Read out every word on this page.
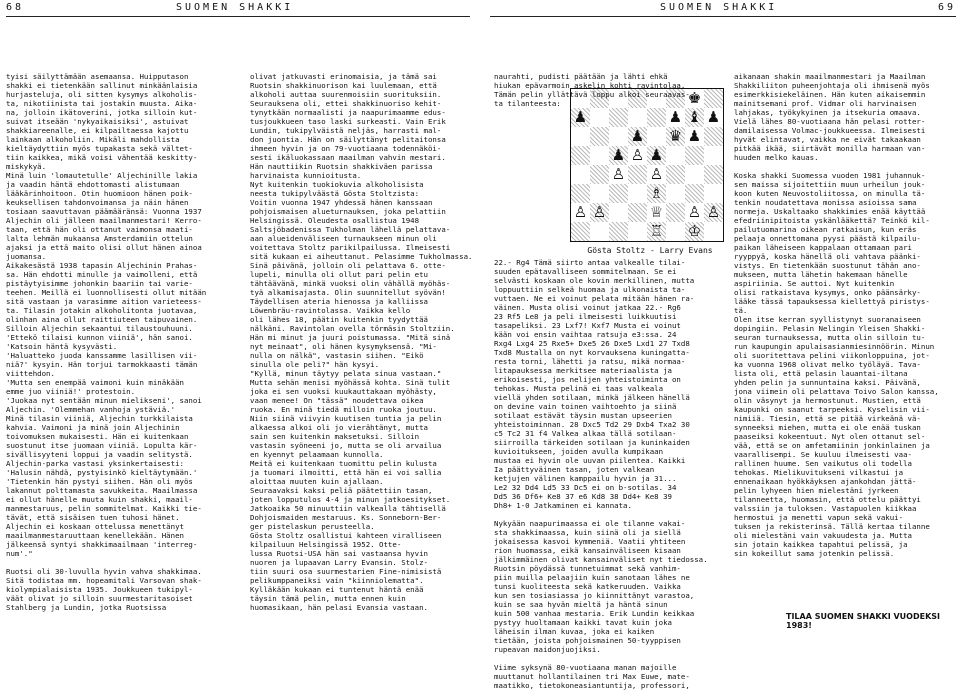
68	SUOMEN SHAKKI	SUOMEN SHAKKI	69

tyisi säilyttämään asemaansa. Huipputason

shakki ei tietenkään sallinut minkäänlaisia

hurjasteluja, oli sitten kysymys alkoholis-

ta, nikotiinista tai jostakin muusta. Aika-

na, jolloin ikätoverini, jotka silloin kut-

suivat itseään 'nykyaikaisiksi', astuivat

shakkiareenalle, ei kilpailtaessa kajottu

lainkaan alkoholiin. Mikäli mahdollista

kieltäydyttiin myös tupakasta sekä vältet-

tiin kaikkea, mikä voisi vähentää keskitty-

miskykyä.

Minä luin 'lomautetulle' Aljechinille lakia

ja vaadin häntä ehdottomasti alistumaan

lääkärinhoitoon. Otin huomioon hänen poik-

keuksellisen tahdonvoimansa ja näin hänen

tosiaan saavuttavan päämääränsä: Vuonna 1937

Aljechin oli jälleen maailmanmestari! Kerro-

taan, että hän oli ottanut vaimonsa maati-

lalta lehmän mukaansa Amsterdamiin ottelun

ajaksi ja että maito olisi ollut hänen ainoa

juomansa.

Aikakesästä 1938 tapasin Aljechinin Prahas-

sa. Hän ehdotti minulle ja vaimolleni, että

pistäytyisimme johonkin baariin tai varie-

teehen. Meillä ei luonnollisesti ollut mitään

sitä vastaan ja varasimme aition varieteess-

ta. Tilasin jotakin alkoholitonta juotavaa,

olinhan aina ollut raittiuteen taipuvainen.

Silloin Aljechin sekaantui tilaustouhuuni.

'Ettekö tilaisi kunnon viiniä', hän sanoi.

'Katsoin häntä kysyvästi.

'Haluatteko juoda kanssamme lasillisen vii-

niä?' kysyin. Hän torjui tarmokkaasti tämän

viittehdon.

'Mutta sen enempää vaimoni kuin minäkään

emme juo viiniä!' protestoin.

'Juokaa nyt sentään minun mielikseni', sanoi

Aljechin. 'Olemmehan vanhoja ystäviä.'

Minä tilasin viiniä, Aljechin turkkilaista

kahvia. Vaimoni ja minä join Aljechinin

toivomuksen mukaisesti. Hän ei kuitenkaan

suostunut itse juomaan viiniä. Lopulta kär-

sivällisyyteni loppui ja vaadin selitystä.

Aljechin-parka vastasi yksinkertaisesti:

'Halusin nähdä, pystyisinkö kieltäytymään.'

'Tietenkin hän pystyi siihen. Hän oli myös

lakannut polttamasta savukkeita. Maailmassa

ei ollut hänelle muuta kuin shakki, maail-

manmestaruus, pelin sommitelmat. Kaikki tie-

tävät, että sisäisen tuen tuhosi hänet.

Aljechin ei koskaan ottelussa menettänyt

maailmanmestaruuttaan kenellekään. Hänen

jälkeensä syntyi shakkimaailmaan 'interreg-

num'."

Ruotsi oli 30-luvulla hyvin vahva shakkimaa.

Sitä todistaa mm. hopeamitali Varsovan shak-

kiolympialaisista 1935. Joukkueen tukipyl-

väät olivat jo silloin suurmestaritasoiset

Stahlberg ja Lundin, jotka Ruotsissa

olivat jatkuvasti erinomaisia, ja tämä sai

Ruotsin shakkinuorison kai luulemaan, että

alkoholi auttaa suurenmoisiin suorituksiin.

Seurauksena oli, ettei shakkinuoriso kehit-

tynytkään normaalisti ja naapurimaamme edus-

tusjoukkueen taso laski surkeasti. Vain Erik

Lundin, tukipylväistä neljäs, harrasti mal-

don juontia. Hän on säilyttänyt pelitaitonsa

ihmeen hyvin ja on 79-vuotiaana todennäköi-

sesti ikäluokassaan maailman vahvin mestari.

Hän nauttiikin Ruotsin shakkiväen parissa

harvinaista kunnioitusta.

Nyt kuitenkin tuokiokuvia alkoholisista

neesta tukipylväästä Gösta Stoltzista:

Voitin vuonna 1947 yhdessä hänen kanssaan

pohjoismaisen alueturnauksen, joka pelattiin

Helsingissä. Oleudesta osallistua 1948

Saltsjöbadenissa Tukholman lähellä pelattava-

aan alueidenväliseen turnaukseen minun oli

voitettava Stoltz parikilpailussa. Ilmeisesti

sitä kukaan ei aiheuttanut. Pelasimme Tukholmassa.

Sinä päivänä, jolloin oli pelattava 6. otte-

lupeli, minulla oli ollut pari pelin etu

tähtäävänä, minkä vuoksi olin vähällä myöhäs-

tyä alkamisajasta. Olin suunnitellut syövän!

Täydellisen ateria hienossa ja kalliissa

Löwenbräu-ravintolassa. Vaikka kello

oli lähes 18, päätin kuitenkin tyydyttää

nälkäni. Ravintolan ovella törmäsin Stoltziin.

Hän mi minut ja juuri poistumassa. "Mitä sinä

nyt meinaat", oli hänen kysymyksensä. "Mi-

nulla on nälkä", vastasin siihen. "Eikö

sinulla ole peli?" hän kysyi.

"Kyllä, minun täytyy pelata sinua vastaan."

Mutta sehän menisi myöhässä kohta. Sinä tulit

joka ei sen vuoksi kuukauttakaan myöhästy,

vaan menee! On "tässä" noudettava oikea

ruoka. En minä tiedä milloin ruoka joutuu.

Niin siinä viivyin kuutisen tuntia ja pelin

alkaessa alkoi oli jo vierähtänyt, mutta

sain sen kuitenkin maksetuksi. Silloin

vastasin syöneeni jo, mutta se oli arvailua

en kyennyt pelaamaan kunnolla.

Meitä ei kuitenkaan tuomittu pelin kulusta

ja tuomari ilmoitti, että hän ei voi sallia

aloittaa muuten kuin ajallaan.

Seuraavaksi kaksi peliä päätettiin tasan,

joten lopputulos 4-4 ja minun jatkoesitykset.

Jatkoaika 50 minuuttiin valkealla tähtisellä

Dohjoismaiden mestaruus. Ks. Sonneborn-Ber-

ger pistelaskun perusteella.

Gösta Stoltz osallistui kahteen viralliseen

kilpailuun Helsingissä 1952. Otte-

lussa Ruotsi-USA hän sai vastaansa hyvin

nuoren ja lupaavan Larry Evansin. Stolz-

tiin suuri osa suurmestarien Fine-nimisistä

pelikumppaneiksi vain "kiinniolematta".

Kylläkään kukaan ei tuntenut häntä enää

täysin tämä pelin, mutta ennen kuin

huomasikaan, hän pelasi Evansia vastaan.

naurahti, pudisti päätään ja lähti ehkä

hiukan epävarmoin askelin kohti ravintolaa.

Tämän pelin yllättävä loppu alkoi seuraavas-

ta tilanteesta:	♚
♟	♟ ♝ ♟
♟ ♛ ♟
♟ ♙ ♟
♙ ♙
♗
♙ ♙	♕ ♙ ♙
♖ ♔
Gösta Stoltz - Larry Evans

22.- Rg4 Tämä siirto antaa valkealle tilai-

suuden epätavalliseen sommitelmaan. Se ei

selvästi koskaan ole kovin merkillinen, mutta

loppuuttiin selkeä huomaa ja ulkonaista ta-

vuttaen. Ne ei voinut pelata mitään hänen ra-

väinen. Musta olisi voinut jatkaa 22.- Rg6

23 Rf5 Le8 ja peli ilmeisesti luikkuutisi

tasapeliksi. 23 Lxf7! Kxf7 Musta ei voinut

kään voi ensin vaihtaa ratsuja e3:ssa. 24

Rxg4 Lxg4 25 Rxe5+ Dxe5 26 Dxe5 Lxd1 27 Txd8

Txd8 Mustalla on nyt korvauksena kuningatta-

resta torni, lähetti ja ratsu, mikä normaa-

litapauksessa merkitsee materiaalista ja

erikoisesti, jos nelijen yhteistoiminta on

tehokas. Musta pelinä ei taas valkeala

viellä yhden sotilaan, minkä jälkeen hänellä

on devine vain toinen vaihtoehto ja siinä

sotilaat estävät täysin mustan upseerien

yhteistoiminnan. 28 Dxc5 Td2 29 Dxb4 Txa2 30

c5 Tc2 31 f4 Valkea alkaa tällä sotilaan-

siirroilla tärkeiden sotilaan ja kuninkaiden

kuvioitukseen, joiden avulla kumpikaan

mustaa ei hyvin ole uuvan piilentea. Kaikki

Ia päättyväinen tasan, joten valkean

ketjujen välinen kamppailu hyvin ja 31...

Le2 32 Dd4 Ld5 33 Dc5 ei on b-sotilas. 34

Dd5 36 Df6+ Ke8 37 e6 Kd8 38 Dd4+ Ke8 39

Dh8+ 1-0 Jatkaminen ei kannata.

Nykyään naapurimaassa ei ole tilanne vakai-

sta shakkimaassa, kuin siinä oli ja siellä

jokaisessa kasvoi kymmeniä. Vaatii yhtiteen

rion huomassa, eikä kansainväliseen kisaan

jälkimmäinen olivat kansainväliset nyt tiedossa.

Ruotsin pöydässä tunnetuimmat sekä vanhim-

piin muilla pelaajiin kuin sanotaan lähes ne

tunsi kuoliteesta sekä katkeruuden. Vaikka

kun sen tosiasiassa jo kiinnittänyt varastoa,

kuin se saa hyvän mieltä ja häntä sinun

kuin 500 vanhaa mestaria. Erik Lundin keikkaa

pystyy huoltamaan kaikki tavat kuin joka

läheisin ilman kuvaa, joka ei kaiken

tietään, joista pohjoismainen 50-tyyppisen

rupeavan maidonjuojiksi.

Viime syksynä 80-vuotiaana manan majoille

muuttanut hollantilainen tri Max Euwe, mate-

maatikko, tietokoneasiantuntija, professori,

aikanaan shakin maailmanmestari ja Maailman

Shakkiliiton puheenjohtaja oli ihmisenä myös

esimerkkisiekeläinen. Hän kuten aikaisemmin

mainitsemani prof. Vidmar oli harvinaisen

lahjakas, työkykyinen ja itsekuria omaava.

Vielä lähes 80-vuotiaana hän pelasi rotter-

damilaisessa Volmac-joukkueessa. Ilmeisesti

hyvät elintavat, vaikka ne eivät takaakaan

pitkää ikää, siirtävät monilla harmaan van-

huuden melko kauas.

Koska shakki Suomessa vuoden 1981 juhannuk-

sen maissa sijoitettiin muun urheilun jouk-

koon kuten Neuvostoliitossa, on minulla tä-

tenkin noudatettava monissa asioissa sama

normeja. Uskaltaako shakkimies enää käyttää

efedriinipitoista yskänlääkettä? Teinkö kil-

pailutuomarina oikean ratkaisun, kun eräs

pelaaja onnettomana pyysi päästä kilpailu-

paikan läheiseen kappalaan ottamaan pari

ryyppyä, koska hänellä oli vahtava päänki-

vistys. En tietenkään suostunut tähän ano-

mukseen, mutta lähetin hakemaan hänelle

aspiriinia. Se auttoi. Nyt kuitenkin

olisi ratkaistava kysymys, onko päänsärky-

lääke tässä tapauksessa kiellettyä piristys-

tä.

Olen itse kerran syyllistynyt suoranaiseen

dopingiin. Pelasin Nelingin Yleisen Shakki-

seuran turnauksessa, mutta olin silloin tu-

run kaupungin apulaisasianmiesinnöörin. Minun

oli suoritettava pelini viikonloppuina, jot-

ka vuonna 1968 olivat melko työläyä. Tava-

lista oli, että pelasin lauantai-iltana

yhden pelin ja sunnuntaina kaksi. Päivänä,

jona viimein oli pelattava Toivo Salon kanssa,

olin väsynyt ja hermostunut. Mustien, että

kaupunki on saanut tarpeeksi. Kyselisin vii-

nimiiä. Tiesin, että se pitää virkeänä vä-

synneeksi miehen, mutta ei ole enää tuskan

paaseiksi kokeentuut. Nyt olen ottanut sel-

vää, että se on amfetamiinin jonkinlainen ja

vaarallisempi. Se kuuluu ilmeisesti vaa-

rallinen huume. Sen vaikutus oli todella

tehokas. Mielikuvitukseni vilkastui ja

ennenaikaan hyökkäyksen ajankohdan jättä-

pelin lyhyeen hien mielestäni jyrkeen

tilanneetta, huomasin, että ottelu päättyi

valssiin ja tuloksen. Vastapuolen kiikkaa

hermostui ja menetti vapun sekä vakui-

tuksen ja rekisterinsä. Tällä kertaa tilanne

oli mielestäni vain vakuudesta ja. Mutta

sin jotain kaikkea tapahtui pelissä, ja

sin kokeillut sama jotenkin pelissä.

TILAA SUOMEN SHAKKI VUODEKSI 1983!
